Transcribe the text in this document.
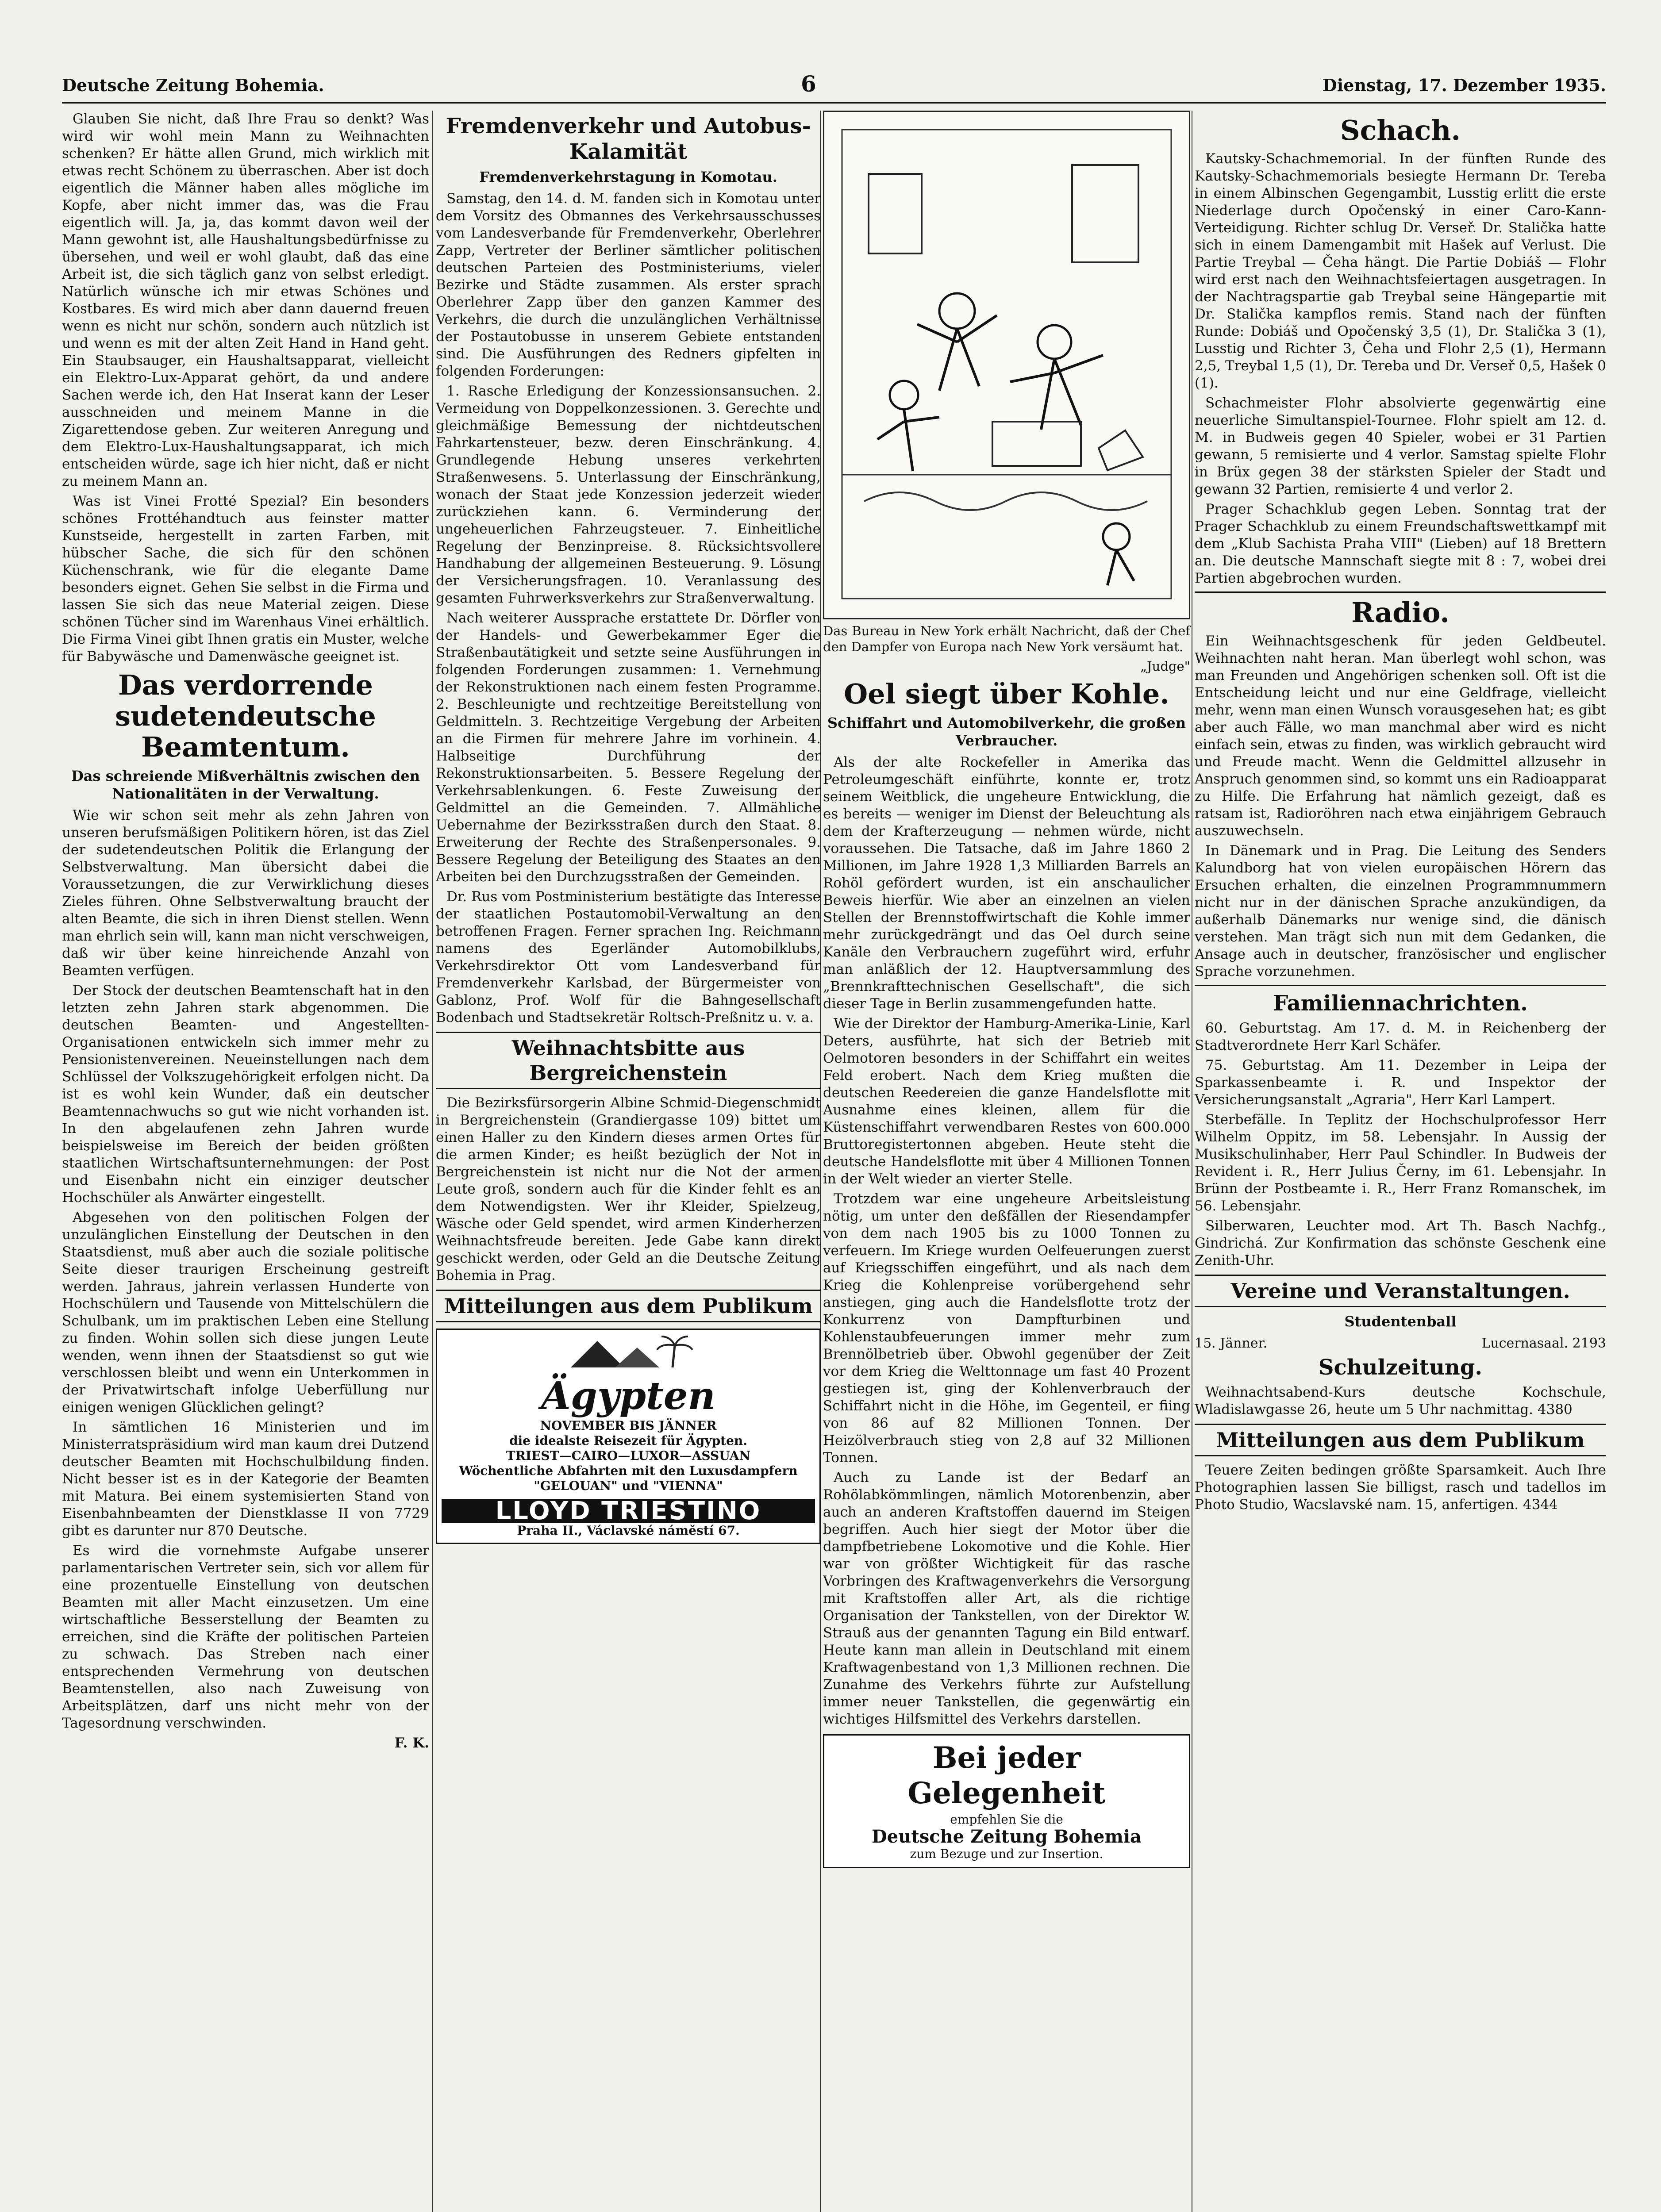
Deutsche Zeitung Bohemia.	6	Dienstag, 17. Dezember 1935.

Glauben Sie nicht, daß Ihre Frau so denkt? Was wird wir wohl mein Mann zu Weihnachten schenken? Er hätte allen Grund, mich wirklich mit etwas recht Schönem zu überraschen. Aber ist doch eigentlich die Männer haben alles mögliche im Kopfe, aber nicht immer das, was die Frau eigentlich will. Ja, ja, das kommt davon weil der Mann gewohnt ist, alle Haushaltungsbedürfnisse zu übersehen, und weil er wohl glaubt, daß das eine Arbeit ist, die sich täglich ganz von selbst erledigt. Natürlich wünsche ich mir etwas Schönes und Kostbares. Es wird mich aber dann dauernd freuen wenn es nicht nur schön, sondern auch nützlich ist und wenn es mit der alten Zeit Hand in Hand geht. Ein Staubsauger, ein Haushaltsapparat, vielleicht ein Elektro-Lux-Apparat gehört, da und andere Sachen werde ich, den Hat Inserat kann der Leser ausschneiden und meinem Manne in die Zigarettendose geben. Zur weiteren Anregung und dem Elektro-Lux-Haushaltungsapparat, ich mich entscheiden würde, sage ich hier nicht, daß er nicht zu meinem Mann an.

Was ist Vinei Frotté Spezial? Ein besonders schönes Frottéhandtuch aus feinster matter Kunstseide, hergestellt in zarten Farben, mit hübscher Sache, die sich für den schönen Küchenschrank, wie für die elegante Dame besonders eignet. Gehen Sie selbst in die Firma und lassen Sie sich das neue Material zeigen. Diese schönen Tücher sind im Warenhaus Vinei erhältlich. Die Firma Vinei gibt Ihnen gratis ein Muster, welche für Babywäsche und Damenwäsche geeignet ist.

Das verdorrende sudetendeutsche Beamtentum.
Das schreiende Mißverhältnis zwischen den Nationalitäten in der Verwaltung.

Wie wir schon seit mehr als zehn Jahren von unseren berufsmäßigen Politikern hören, ist das Ziel der sudetendeutschen Politik die Erlangung der Selbstverwaltung. Man übersicht dabei die Voraussetzungen, die zur Verwirklichung dieses Zieles führen. Ohne Selbstverwaltung braucht der alten Beamte, die sich in ihren Dienst stellen. Wenn man ehrlich sein will, kann man nicht verschweigen, daß wir über keine hinreichende Anzahl von Beamten verfügen.

Der Stock der deutschen Beamtenschaft hat in den letzten zehn Jahren stark abgenommen. Die deutschen Beamten- und Angestellten-Organisationen entwickeln sich immer mehr zu Pensionistenvereinen. Neueinstellungen nach dem Schlüssel der Volkszugehörigkeit erfolgen nicht. Da ist es wohl kein Wunder, daß ein deutscher Beamtennachwuchs so gut wie nicht vorhanden ist. In den abgelaufenen zehn Jahren wurde beispielsweise im Bereich der beiden größten staatlichen Wirtschaftsunternehmungen: der Post und Eisenbahn nicht ein einziger deutscher Hochschüler als Anwärter eingestellt.

Abgesehen von den politischen Folgen der unzulänglichen Einstellung der Deutschen in den Staatsdienst, muß aber auch die soziale politische Seite dieser traurigen Erscheinung gestreift werden. Jahraus, jahrein verlassen Hunderte von Hochschülern und Tausende von Mittelschülern die Schulbank, um im praktischen Leben eine Stellung zu finden. Wohin sollen sich diese jungen Leute wenden, wenn ihnen der Staatsdienst so gut wie verschlossen bleibt und wenn ein Unterkommen in der Privatwirtschaft infolge Ueberfüllung nur einigen wenigen Glücklichen gelingt?

In sämtlichen 16 Ministerien und im Ministerratspräsidium wird man kaum drei Dutzend deutscher Beamten mit Hochschulbildung finden. Nicht besser ist es in der Kategorie der Beamten mit Matura. Bei einem systemisierten Stand von Eisenbahnbeamten der Dienstklasse II von 7729 gibt es darunter nur 870 Deutsche.

Es wird die vornehmste Aufgabe unserer parlamentarischen Vertreter sein, sich vor allem für eine prozentuelle Einstellung von deutschen Beamten mit aller Macht einzusetzen. Um eine wirtschaftliche Besserstellung der Beamten zu erreichen, sind die Kräfte der politischen Parteien zu schwach. Das Streben nach einer entsprechenden Vermehrung von deutschen Beamtenstellen, also nach Zuweisung von Arbeitsplätzen, darf uns nicht mehr von der Tagesordnung verschwinden.

F. K.
Fremdenverkehr und Autobus-Kalamität
Fremdenverkehrstagung in Komotau.

Samstag, den 14. d. M. fanden sich in Komotau unter dem Vorsitz des Obmannes des Verkehrsausschusses vom Landesverbande für Fremdenverkehr, Oberlehrer Zapp, Vertreter der Berliner sämtlicher politischen deutschen Parteien des Postministeriums, vieler Bezirke und Städte zusammen. Als erster sprach Oberlehrer Zapp über den ganzen Kammer des Verkehrs, die durch die unzulänglichen Verhältnisse der Postautobusse in unserem Gebiete entstanden sind. Die Ausführungen des Redners gipfelten in folgenden Forderungen:

1. Rasche Erledigung der Konzessionsansuchen. 2. Vermeidung von Doppelkonzessionen. 3. Gerechte und gleichmäßige Bemessung der nichtdeutschen Fahrkartensteuer, bezw. deren Einschränkung. 4. Grundlegende Hebung unseres verkehrten Straßenwesens. 5. Unterlassung der Einschränkung, wonach der Staat jede Konzession jederzeit wieder zurückziehen kann. 6. Verminderung der ungeheuerlichen Fahrzeugsteuer. 7. Einheitliche Regelung der Benzinpreise. 8. Rücksichtsvollere Handhabung der allgemeinen Besteuerung. 9. Lösung der Versicherungsfragen. 10. Veranlassung des gesamten Fuhrwerksverkehrs zur Straßenverwaltung.

Nach weiterer Aussprache erstattete Dr. Dörfler von der Handels- und Gewerbekammer Eger die Straßenbautätigkeit und setzte seine Ausführungen in folgenden Forderungen zusammen: 1. Vernehmung der Rekonstruktionen nach einem festen Programme. 2. Beschleunigte und rechtzeitige Bereitstellung von Geldmitteln. 3. Rechtzeitige Vergebung der Arbeiten an die Firmen für mehrere Jahre im vorhinein. 4. Halbseitige Durchführung der Rekonstruktionsarbeiten. 5. Bessere Regelung der Verkehrsablenkungen. 6. Feste Zuweisung der Geldmittel an die Gemeinden. 7. Allmähliche Uebernahme der Bezirksstraßen durch den Staat. 8. Erweiterung der Rechte des Straßenpersonales. 9. Bessere Regelung der Beteiligung des Staates an den Arbeiten bei den Durchzugsstraßen der Gemeinden.

Dr. Rus vom Postministerium bestätigte das Interesse der staatlichen Postautomobil-Verwaltung an den betroffenen Fragen. Ferner sprachen Ing. Reichmann namens des Egerländer Automobilklubs, Verkehrsdirektor Ott vom Landesverband für Fremdenverkehr Karlsbad, der Bürgermeister von Gablonz, Prof. Wolf für die Bahngesellschaft Bodenbach und Stadtsekretär Roltsch-Preßnitz u. v. a.

Weihnachtsbitte aus Bergreichenstein

Die Bezirksfürsorgerin Albine Schmid-Diegenschmidt in Bergreichenstein (Grandiergasse 109) bittet um einen Haller zu den Kindern dieses armen Ortes für die armen Kinder; es heißt bezüglich der Not in Bergreichenstein ist nicht nur die Not der armen Leute groß, sondern auch für die Kinder fehlt es an dem Notwendigsten. Wer ihr Kleider, Spielzeug, Wäsche oder Geld spendet, wird armen Kinderherzen Weihnachtsfreude bereiten. Jede Gabe kann direkt geschickt werden, oder Geld an die Deutsche Zeitung Bohemia in Prag.

Mitteilungen aus dem Publikum
Ägypten
NOVEMBER BIS JÄNNER
die idealste Reisezeit für Ägypten.
TRIEST—CAIRO—LUXOR—ASSUAN
Wöchentliche Abfahrten mit den Luxusdampfern
"GELOUAN" und "VIENNA"
LLOYD TRIESTINO
Praha II., Václavské náměstí 67.
Das Bureau in New York erhält Nachricht, daß der Chef den Dampfer von Europa nach New York versäumt hat.
„Judge"
Oel siegt über Kohle.
Schiffahrt und Automobilverkehr, die großen Verbraucher.

Als der alte Rockefeller in Amerika das Petroleumgeschäft einführte, konnte er, trotz seinem Weitblick, die ungeheure Entwicklung, die es bereits — weniger im Dienst der Beleuchtung als dem der Krafterzeugung — nehmen würde, nicht voraussehen. Die Tatsache, daß im Jahre 1860 2 Millionen, im Jahre 1928 1,3 Milliarden Barrels an Rohöl gefördert wurden, ist ein anschaulicher Beweis hierfür. Wie aber an einzelnen an vielen Stellen der Brennstoffwirtschaft die Kohle immer mehr zurückgedrängt und das Oel durch seine Kanäle den Verbrauchern zugeführt wird, erfuhr man anläßlich der 12. Hauptversammlung des „Brennkrafttechnischen Gesellschaft", die sich dieser Tage in Berlin zusammengefunden hatte.

Wie der Direktor der Hamburg-Amerika-Linie, Karl Deters, ausführte, hat sich der Betrieb mit Oelmotoren besonders in der Schiffahrt ein weites Feld erobert. Nach dem Krieg mußten die deutschen Reedereien die ganze Handelsflotte mit Ausnahme eines kleinen, allem für die Küstenschiffahrt verwendbaren Restes von 600.000 Bruttoregistertonnen abgeben. Heute steht die deutsche Handelsflotte mit über 4 Millionen Tonnen in der Welt wieder an vierter Stelle.

Trotzdem war eine ungeheure Arbeitsleistung nötig, um unter den deßfällen der Riesendampfer von dem nach 1905 bis zu 1000 Tonnen zu verfeuern. Im Kriege wurden Oelfeuerungen zuerst auf Kriegsschiffen eingeführt, und als nach dem Krieg die Kohlenpreise vorübergehend sehr anstiegen, ging auch die Handelsflotte trotz der Konkurrenz von Dampfturbinen und Kohlenstaubfeuerungen immer mehr zum Brennölbetrieb über. Obwohl gegenüber der Zeit vor dem Krieg die Welttonnage um fast 40 Prozent gestiegen ist, ging der Kohlenverbrauch der Schiffahrt nicht in die Höhe, im Gegenteil, er fiing von 86 auf 82 Millionen Tonnen. Der Heizölverbrauch stieg von 2,8 auf 32 Millionen Tonnen.

Auch zu Lande ist der Bedarf an Rohölabkömmlingen, nämlich Motorenbenzin, aber auch an anderen Kraftstoffen dauernd im Steigen begriffen. Auch hier siegt der Motor über die dampfbetriebene Lokomotive und die Kohle. Hier war von größter Wichtigkeit für das rasche Vorbringen des Kraftwagenverkehrs die Versorgung mit Kraftstoffen aller Art, als die richtige Organisation der Tankstellen, von der Direktor W. Strauß aus der genannten Tagung ein Bild entwarf. Heute kann man allein in Deutschland mit einem Kraftwagenbestand von 1,3 Millionen rechnen. Die Zunahme des Verkehrs führte zur Aufstellung immer neuer Tankstellen, die gegenwärtig ein wichtiges Hilfsmittel des Verkehrs darstellen.

Bei jeder Gelegenheit
empfehlen Sie die
Deutsche Zeitung Bohemia
zum Bezuge und zur Insertion.
Schach.

Kautsky-Schachmemorial. In der fünften Runde des Kautsky-Schachmemorials besiegte Hermann Dr. Tereba in einem Albinschen Gegengambit, Lusstig erlitt die erste Niederlage durch Opočenský in einer Caro-Kann-Verteidigung. Richter schlug Dr. Verseř. Dr. Stalička hatte sich in einem Damengambit mit Hašek auf Verlust. Die Partie Treybal — Čeha hängt. Die Partie Dobiáš — Flohr wird erst nach den Weihnachtsfeiertagen ausgetragen. In der Nachtragspartie gab Treybal seine Hängepartie mit Dr. Stalička kampflos remis. Stand nach der fünften Runde: Dobiáš und Opočenský 3,5 (1), Dr. Stalička 3 (1), Lusstig und Richter 3, Čeha und Flohr 2,5 (1), Hermann 2,5, Treybal 1,5 (1), Dr. Tereba und Dr. Verseř 0,5, Hašek 0 (1).

Schachmeister Flohr absolvierte gegenwärtig eine neuerliche Simultanspiel-Tournee. Flohr spielt am 12. d. M. in Budweis gegen 40 Spieler, wobei er 31 Partien gewann, 5 remisierte und 4 verlor. Samstag spielte Flohr in Brüx gegen 38 der stärksten Spieler der Stadt und gewann 32 Partien, remisierte 4 und verlor 2.

Prager Schachklub gegen Leben. Sonntag trat der Prager Schachklub zu einem Freundschaftswettkampf mit dem „Klub Sachista Praha VIII" (Lieben) auf 18 Brettern an. Die deutsche Mannschaft siegte mit 8 : 7, wobei drei Partien abgebrochen wurden.

Radio.

Ein Weihnachtsgeschenk für jeden Geldbeutel. Weihnachten naht heran. Man überlegt wohl schon, was man Freunden und Angehörigen schenken soll. Oft ist die Entscheidung leicht und nur eine Geldfrage, vielleicht mehr, wenn man einen Wunsch vorausgesehen hat; es gibt aber auch Fälle, wo man manchmal aber wird es nicht einfach sein, etwas zu finden, was wirklich gebraucht wird und Freude macht. Wenn die Geldmittel allzusehr in Anspruch genommen sind, so kommt uns ein Radioapparat zu Hilfe. Die Erfahrung hat nämlich gezeigt, daß es ratsam ist, Radioröhren nach etwa einjährigem Gebrauch auszuwechseln.

In Dänemark und in Prag. Die Leitung des Senders Kalundborg hat von vielen europäischen Hörern das Ersuchen erhalten, die einzelnen Programmnummern nicht nur in der dänischen Sprache anzukündigen, da außerhalb Dänemarks nur wenige sind, die dänisch verstehen. Man trägt sich nun mit dem Gedanken, die Ansage auch in deutscher, französischer und englischer Sprache vorzunehmen.

Familiennachrichten.

60. Geburtstag. Am 17. d. M. in Reichenberg der Stadtverordnete Herr Karl Schäfer.

75. Geburtstag. Am 11. Dezember in Leipa der Sparkassenbeamte i. R. und Inspektor der Versicherungsanstalt „Agraria", Herr Karl Lampert.

Sterbefälle. In Teplitz der Hochschulprofessor Herr Wilhelm Oppitz, im 58. Lebensjahr. In Aussig der Musikschulinhaber, Herr Paul Schindler. In Budweis der Revident i. R., Herr Julius Černy, im 61. Lebensjahr. In Brünn der Postbeamte i. R., Herr Franz Romanschek, im 56. Lebensjahr.

Silberwaren, Leuchter mod. Art Th. Basch Nachfg., Gindrichá. Zur Konfirmation das schönste Geschenk eine Zenith-Uhr.

Vereine und Veranstaltungen.
Studentenball
15. Jänner.	Lucernasaal. 2193
Schulzeitung.

Weihnachtsabend-Kurs deutsche Kochschule, Wladislawgasse 26, heute um 5 Uhr nachmittag. 4380

Mitteilungen aus dem Publikum

Teuere Zeiten bedingen größte Sparsamkeit. Auch Ihre Photographien lassen Sie billigst, rasch und tadellos im Photo Studio, Wacslavské nam. 15, anfertigen. 4344
